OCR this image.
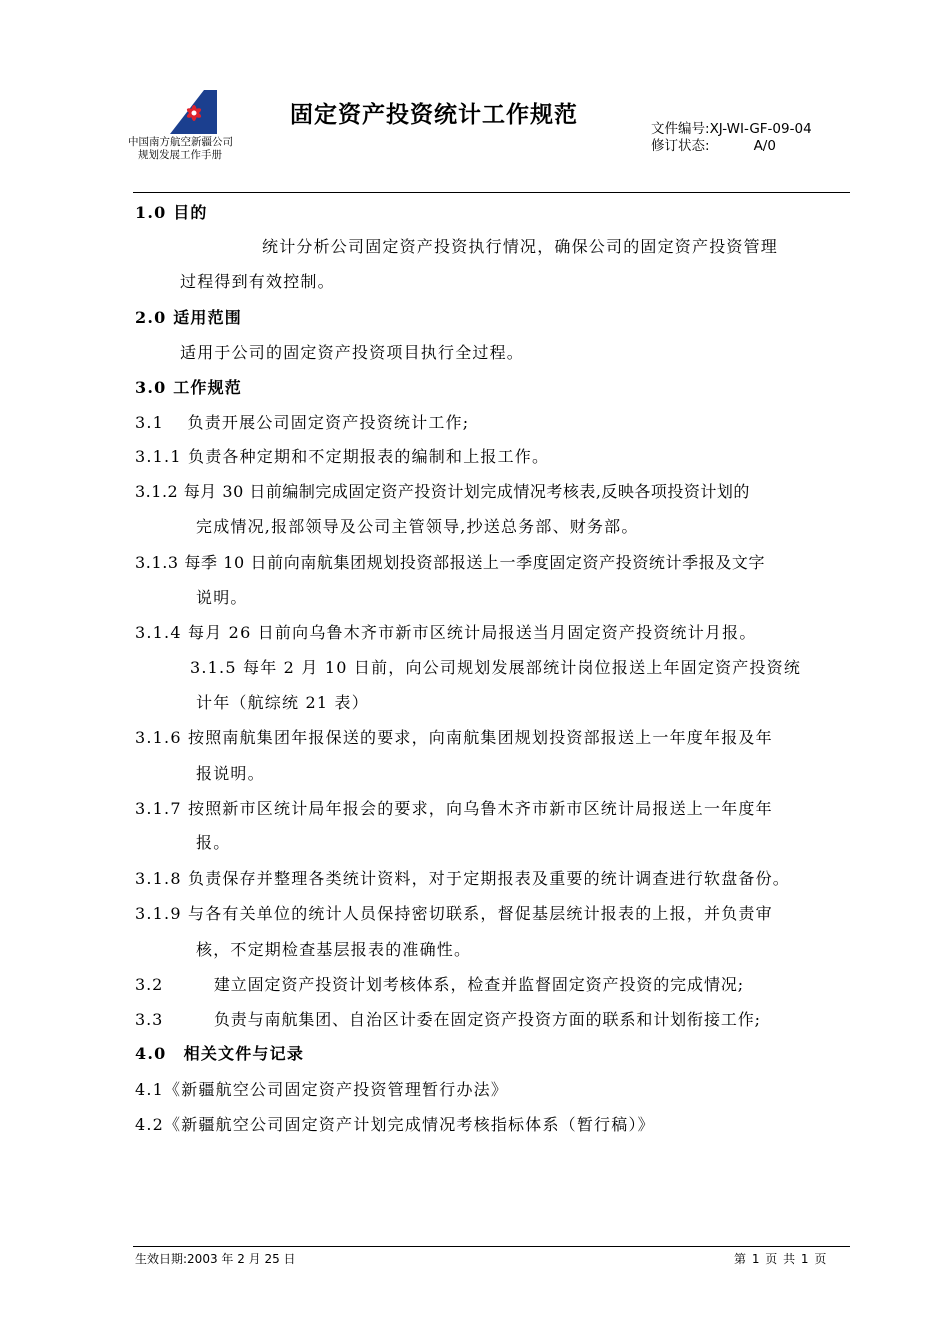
中国南方航空新疆公司
规划发展工作手册
固定资产投资统计工作规范
文件编号:XJ-WI-GF-09-04
修订状态:	A/0
1.0 目的
统计分析公司固定资产投资执行情况，确保公司的固定资产投资管理
过程得到有效控制。
2.0 适用范围
适用于公司的固定资产投资项目执行全过程。
3.0 工作规范
3.1　 负责开展公司固定资产投资统计工作;
3.1.1 负责各种定期和不定期报表的编制和上报工作。
3.1.2 每月 30 日前编制完成固定资产投资计划完成情况考核表,反映各项投资计划的
完成情况,报部领导及公司主管领导,抄送总务部、财务部。
3.1.3 每季 10 日前向南航集团规划投资部报送上一季度固定资产投资统计季报及文字
说明。
3.1.4 每月 26 日前向乌鲁木齐市新市区统计局报送当月固定资产投资统计月报。
3.1.5 每年 2 月 10 日前，向公司规划发展部统计岗位报送上年固定资产投资统
计年（航综统 21 表）
3.1.6 按照南航集团年报保送的要求，向南航集团规划投资部报送上一年度年报及年
报说明。
3.1.7 按照新市区统计局年报会的要求，向乌鲁木齐市新市区统计局报送上一年度年
报。
3.1.8 负责保存并整理各类统计资料，对于定期报表及重要的统计调查进行软盘备份。
3.1.9 与各有关单位的统计人员保持密切联系，督促基层统计报表的上报，并负责审
核，不定期检查基层报表的准确性。
3.2　　　建立固定资产投资计划考核体系，检查并监督固定资产投资的完成情况;
3.3　　　负责与南航集团、自治区计委在固定资产投资方面的联系和计划衔接工作;
4.0　相关文件与记录
4.1《新疆航空公司固定资产投资管理暂行办法》
4.2《新疆航空公司固定资产计划完成情况考核指标体系（暂行稿）》
生效日期:2003 年 2 月 25 日	第 1 页 共 1 页
